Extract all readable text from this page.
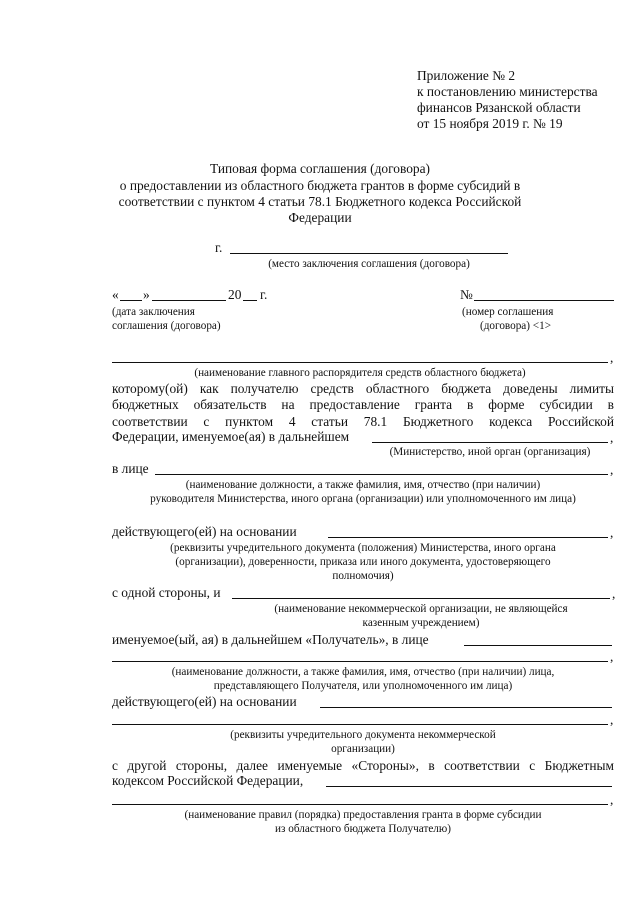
Приложение № 2
к постановлению министерства
финансов Рязанской области
от 15 ноября 2019 г. № 19
Типовая форма соглашения (договора)
о предоставлении из областного бюджета грантов в форме субсидий в
соответствии с пунктом 4 статьи 78.1 Бюджетного кодекса Российской
Федерации
г.
(место заключения соглашения (договора)
« »	20 г.
(дата заключения
соглашения (договора)
№
(номер соглашения
(договора) <1>
,
(наименование главного распорядителя средств областного бюджета)
которому(ой) как получателю средств областного бюджета доведены лимиты
бюджетных обязательств на предоставление гранта в форме субсидии в
соответствии с пунктом 4 статьи 78.1 Бюджетного кодекса Российской
Федерации, именуемое(ая) в дальнейшем	,
(Министерство, иной орган (организация)
в лице	,
(наименование должности, а также фамилия, имя, отчество (при наличии)
руководителя Министерства, иного органа (организации) или уполномоченного им лица)
действующего(ей) на основании	,
(реквизиты учредительного документа (положения) Министерства, иного органа
(организации), доверенности, приказа или иного документа, удостоверяющего
полномочия)
с одной стороны, и	,
(наименование некоммерческой организации, не являющейся
казенным учреждением)
именуемое(ый, ая) в дальнейшем «Получатель», в лице
,
(наименование должности, а также фамилия, имя, отчество (при наличии) лица,
представляющего Получателя, или уполномоченного им лица)
действующего(ей) на основании
,
(реквизиты учредительного документа некоммерческой
организации)
с другой стороны, далее именуемые «Стороны», в соответствии с Бюджетным
кодексом Российской Федерации,
,
(наименование правил (порядка) предоставления гранта в форме субсидии
из областного бюджета Получателю)
